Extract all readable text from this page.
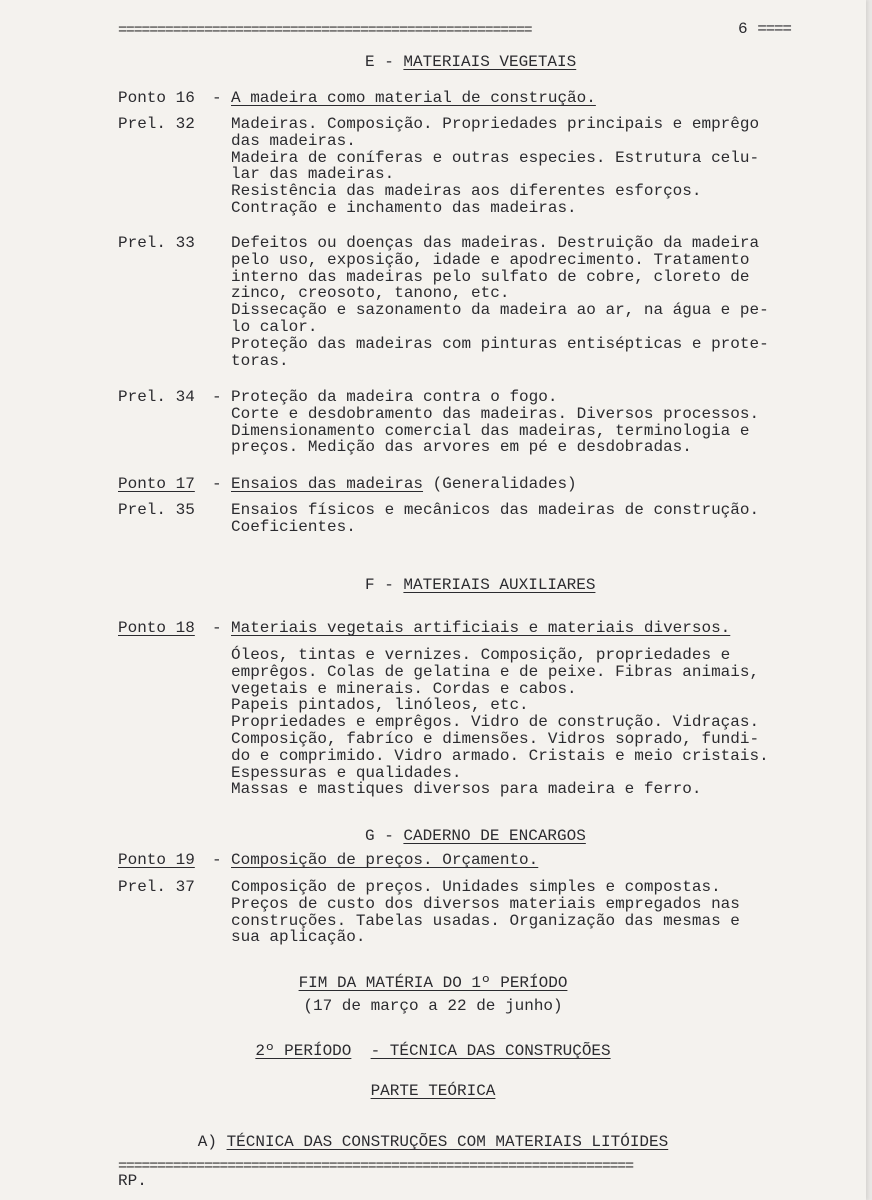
=====================================================	6 ====
E - MATERIAIS VEGETAIS
Ponto 16 - A madeira como material de construção.
Prel. 32 Madeiras. Composição. Propriedades principais e emprêgo
das madeiras.
Madeira de coníferas e outras especies. Estrutura celu-
lar das madeiras.
Resistência das madeiras aos diferentes esforços.
Contração e inchamento das madeiras.
Prel. 33 Defeitos ou doenças das madeiras. Destruição da madeira
pelo uso, exposição, idade e apodrecimento. Tratamento
interno das madeiras pelo sulfato de cobre, cloreto de
zinco, creosoto, tanono, etc.
Dissecação e sazonamento da madeira ao ar, na água e pe-
lo calor.
Proteção das madeiras com pinturas entisépticas e prote-
toras.
Prel. 34 - Proteção da madeira contra o fogo.
Corte e desdobramento das madeiras. Diversos processos.
Dimensionamento comercial das madeiras, terminologia e
preços. Medição das arvores em pé e desdobradas.
Ponto 17 - Ensaios das madeiras (Generalidades)
Prel. 35 Ensaios físicos e mecânicos das madeiras de construção.
Coeficientes.
F - MATERIAIS AUXILIARES
Ponto 18 - Materiais vegetais artificiais e materiais diversos.
Óleos, tintas e vernizes. Composição, propriedades e
emprêgos. Colas de gelatina e de peixe. Fibras animais,
vegetais e minerais. Cordas e cabos.
Papeis pintados, linóleos, etc.
Propriedades e emprêgos. Vidro de construção. Vidraças.
Composição, fabríco e dimensões. Vidros soprado, fundi-
do e comprimido. Vidro armado. Cristais e meio cristais.
Espessuras e qualidades.
Massas e mastiques diversos para madeira e ferro.
G - CADERNO DE ENCARGOS
Ponto 19 - Composição de preços. Orçamento.
Prel. 37 Composição de preços. Unidades simples e compostas.
Preços de custo dos diversos materiais empregados nas
construções. Tabelas usadas. Organização das mesmas e
sua aplicação.
FIM DA MATÉRIA DO 1º PERÍODO
(17 de março a 22 de junho)
2º PERÍODO - TÉCNICA DAS CONSTRUÇÕES
PARTE TEÓRICA
A) TÉCNICA DAS CONSTRUÇÕES COM MATERIAIS LITÓIDES
==================================================================
RP.
